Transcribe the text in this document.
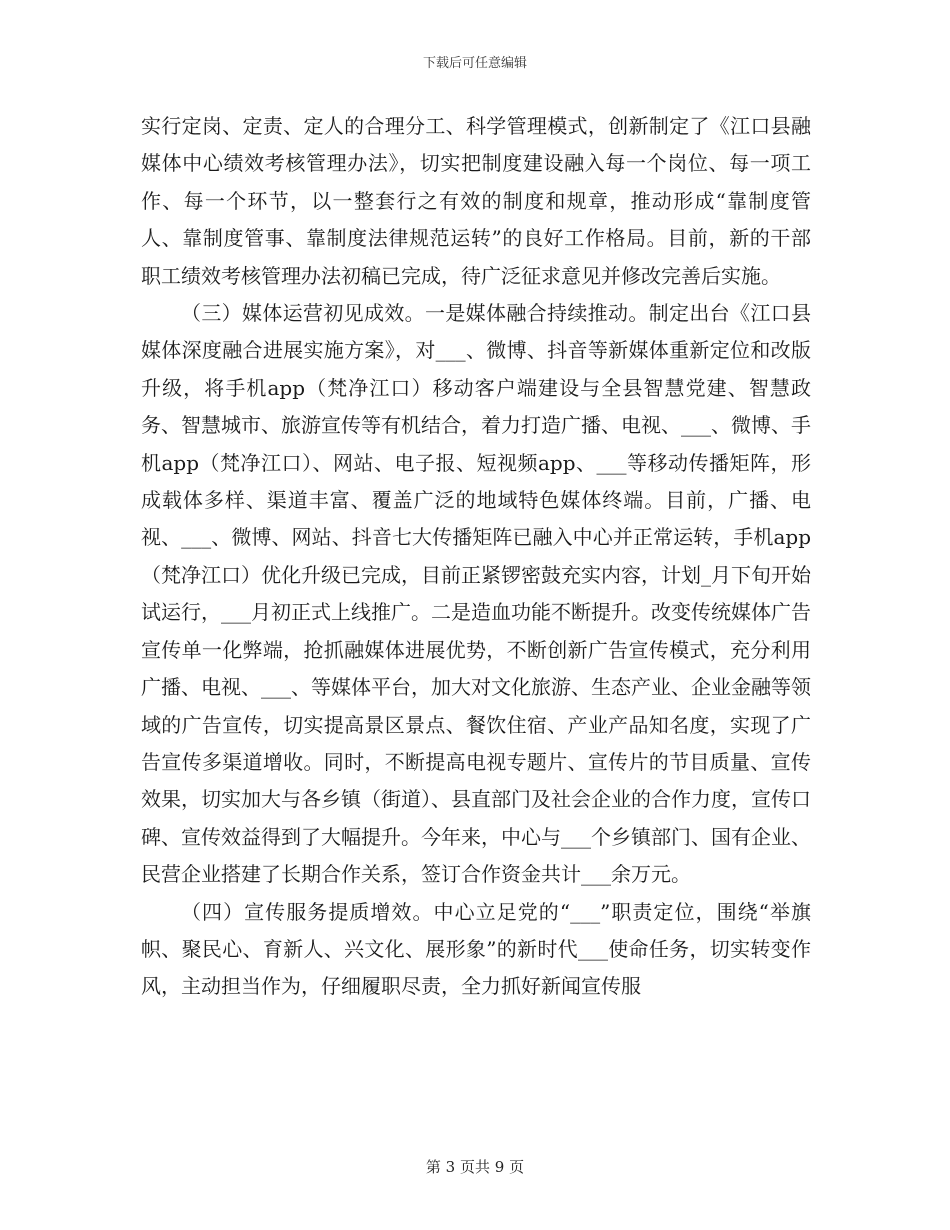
下载后可任意编辑

实行定岗、定责、定人的合理分工、科学管理模式，创新制定了《江口县融媒体中心绩效考核管理办法》，切实把制度建设融入每一个岗位、每一项工作、每一个环节，以一整套行之有效的制度和规章，推动形成“靠制度管人、靠制度管事、靠制度法律规范运转”的良好工作格局。目前，新的干部职工绩效考核管理办法初稿已完成，待广泛征求意见并修改完善后实施。

（三）媒体运营初见成效。一是媒体融合持续推动。制定出台《江口县媒体深度融合进展实施方案》，对___、微博、抖音等新媒体重新定位和改版升级，将手机app（梵净江口）移动客户端建设与全县智慧党建、智慧政务、智慧城市、旅游宣传等有机结合，着力打造广播、电视、___、微博、手机app（梵净江口）、网站、电子报、短视频app、___等移动传播矩阵，形成载体多样、渠道丰富、覆盖广泛的地域特色媒体终端。目前，广播、电视、___、微博、网站、抖音七大传播矩阵已融入中心并正常运转，手机app（梵净江口）优化升级已完成，目前正紧锣密鼓充实内容，计划_月下旬开始试运行，___月初正式上线推广。二是造血功能不断提升。改变传统媒体广告宣传单一化弊端，抢抓融媒体进展优势，不断创新广告宣传模式，充分利用广播、电视、___、等媒体平台，加大对文化旅游、生态产业、企业金融等领域的广告宣传，切实提高景区景点、餐饮住宿、产业产品知名度，实现了广告宣传多渠道增收。同时，不断提高电视专题片、宣传片的节目质量、宣传效果，切实加大与各乡镇（街道）、县直部门及社会企业的合作力度，宣传口碑、宣传效益得到了大幅提升。今年来，中心与___个乡镇部门、国有企业、民营企业搭建了长期合作关系，签订合作资金共计___余万元。

（四）宣传服务提质增效。中心立足党的“___”职责定位，围绕“举旗帜、聚民心、育新人、兴文化、展形象”的新时代___使命任务，切实转变作风，主动担当作为，仔细履职尽责，全力抓好新闻宣传服

第 3 页共 9 页
